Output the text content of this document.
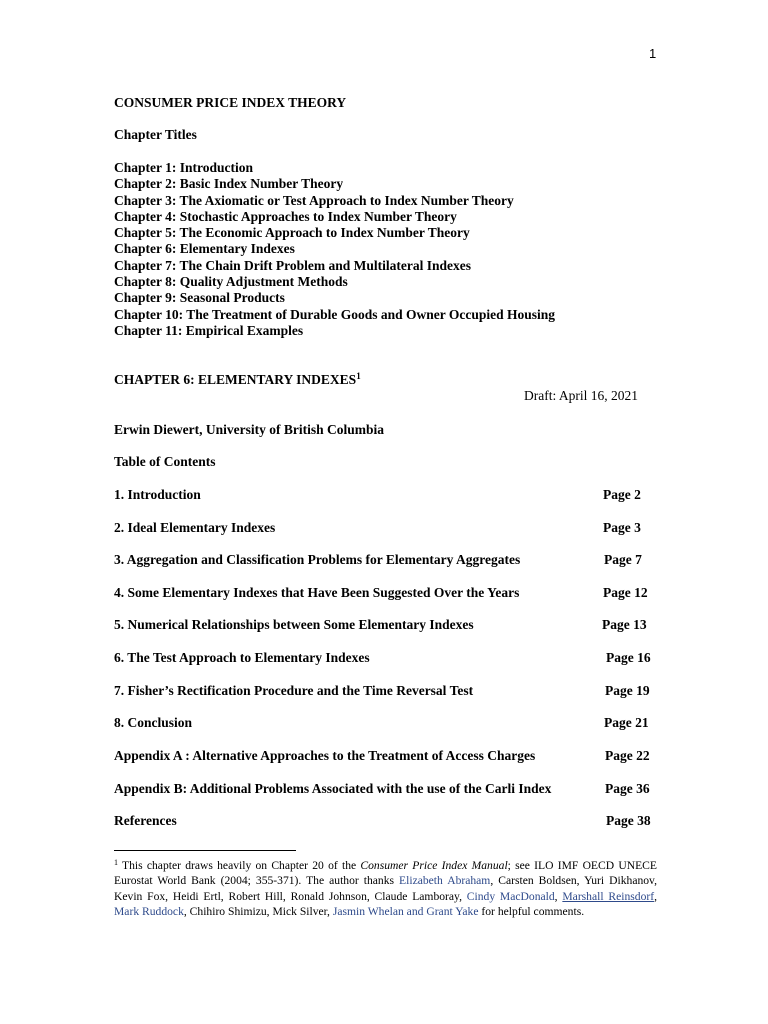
1
CONSUMER PRICE INDEX THEORY
Chapter Titles
Chapter 1: Introduction
Chapter 2: Basic Index Number Theory
Chapter 3: The Axiomatic or Test Approach to Index Number Theory
Chapter 4: Stochastic Approaches to Index Number Theory
Chapter 5: The Economic Approach to Index Number Theory
Chapter 6: Elementary Indexes
Chapter 7: The Chain Drift Problem and Multilateral Indexes
Chapter 8: Quality Adjustment Methods
Chapter 9: Seasonal Products
Chapter 10: The Treatment of Durable Goods and Owner Occupied Housing
Chapter 11: Empirical Examples
CHAPTER 6: ELEMENTARY INDEXES$^1$
Draft: April 16, 2021
Erwin Diewert, University of British Columbia
Table of Contents
1. Introduction	Page 2
2. Ideal Elementary Indexes	Page 3
3. Aggregation and Classification Problems for Elementary Aggregates	Page 7
4. Some Elementary Indexes that Have Been Suggested Over the Years	Page 12
5. Numerical Relationships between Some Elementary Indexes	Page 13
6. The Test Approach to Elementary Indexes	Page 16
7. Fisher’s Rectification Procedure and the Time Reversal Test	Page 19
8. Conclusion	Page 21
Appendix A : Alternative Approaches to the Treatment of Access Charges	Page 22
Appendix B: Additional Problems Associated with the use of the Carli Index	Page 36
References	Page 38
$^1$ This chapter draws heavily on Chapter 20 of the Consumer Price Index Manual; see ILO IMF OECD UNECE Eurostat World Bank (2004; 355-371). The author thanks Elizabeth Abraham, Carsten Boldsen, Yuri Dikhanov, Kevin Fox, Heidi Ertl, Robert Hill, Ronald Johnson, Claude Lamboray, Cindy MacDonald, Marshall Reinsdorf, Mark Ruddock, Chihiro Shimizu, Mick Silver, Jasmin Whelan and Grant Yake for helpful comments.
